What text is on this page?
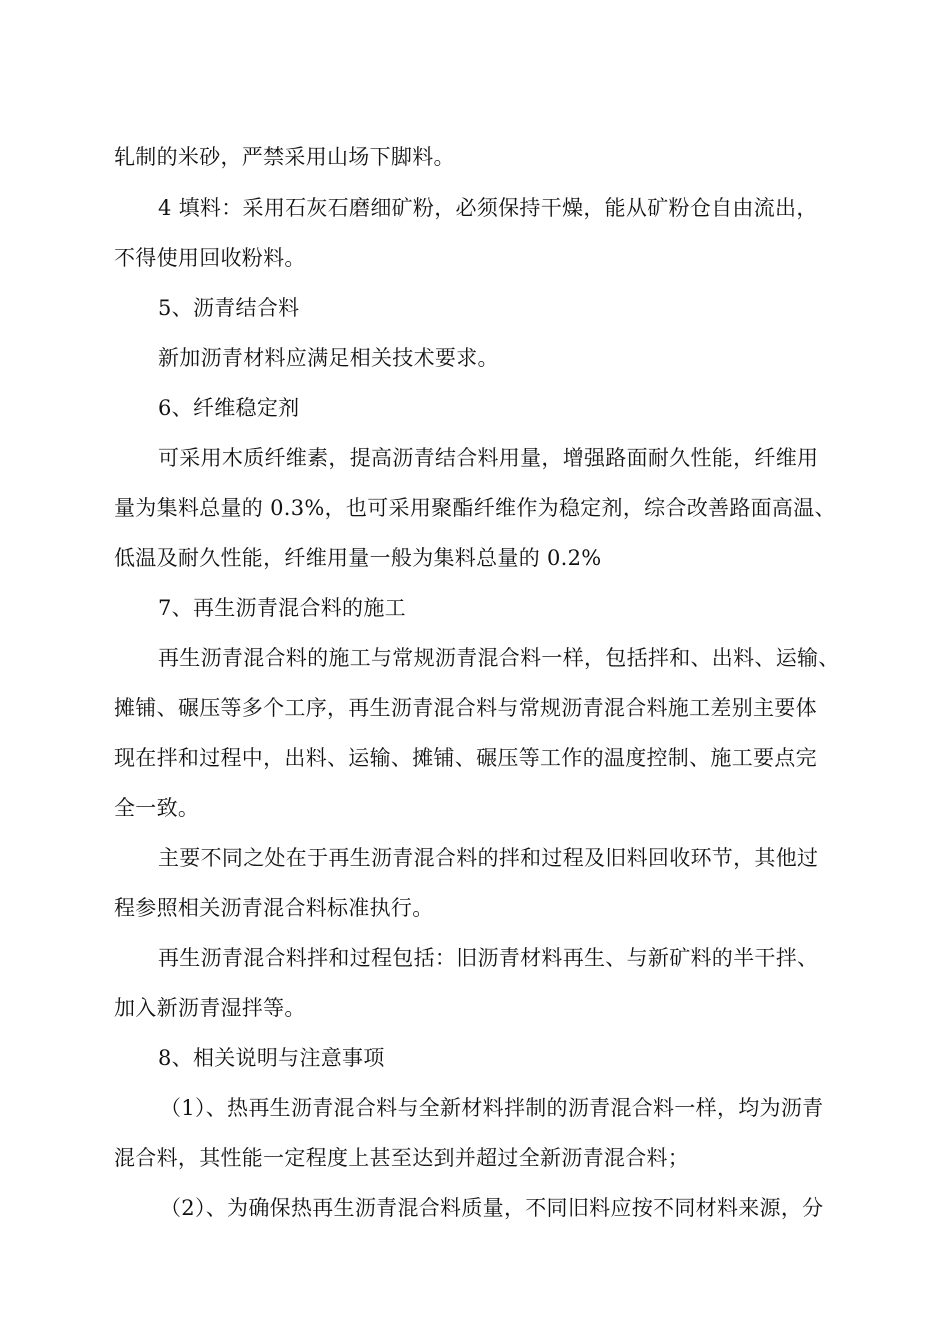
轧制的米砂，严禁采用山场下脚料。
4 填料：采用石灰石磨细矿粉，必须保持干燥，能从矿粉仓自由流出，
不得使用回收粉料。
5、沥青结合料
新加沥青材料应满足相关技术要求。
6、纤维稳定剂
可采用木质纤维素，提高沥青结合料用量，增强路面耐久性能，纤维用
量为集料总量的 0.3%，也可采用聚酯纤维作为稳定剂，综合改善路面高温、
低温及耐久性能，纤维用量一般为集料总量的 0.2%
7、再生沥青混合料的施工
再生沥青混合料的施工与常规沥青混合料一样，包括拌和、出料、运输、
摊铺、碾压等多个工序，再生沥青混合料与常规沥青混合料施工差别主要体
现在拌和过程中，出料、运输、摊铺、碾压等工作的温度控制、施工要点完
全一致。
主要不同之处在于再生沥青混合料的拌和过程及旧料回收环节，其他过
程参照相关沥青混合料标准执行。
再生沥青混合料拌和过程包括：旧沥青材料再生、与新矿料的半干拌、
加入新沥青湿拌等。
8、相关说明与注意事项
（1）、热再生沥青混合料与全新材料拌制的沥青混合料一样，均为沥青
混合料，其性能一定程度上甚至达到并超过全新沥青混合料；
（2）、为确保热再生沥青混合料质量，不同旧料应按不同材料来源，分
